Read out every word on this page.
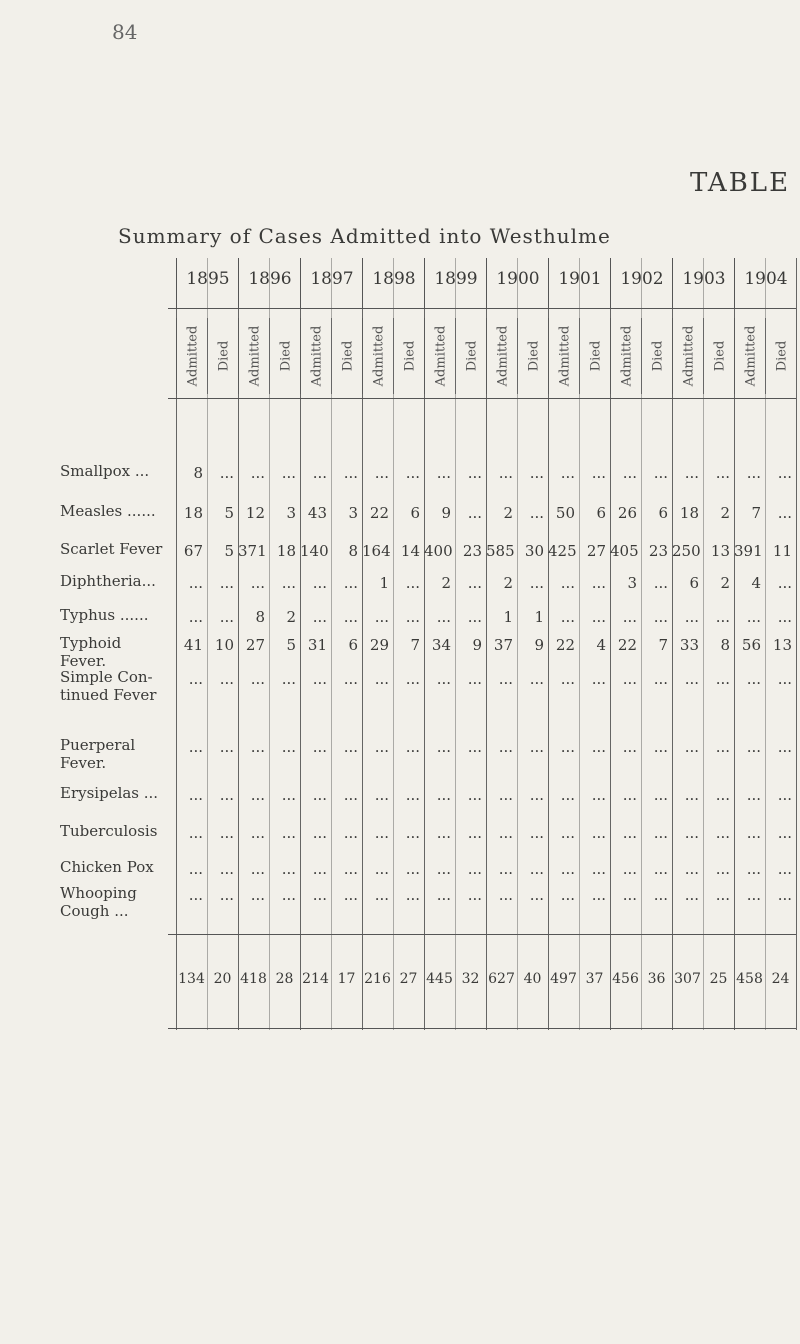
84
TABLE
Summary of Cases Admitted into Westhulme
1895
Admitted Died
1896
Admitted Died
1897
Admitted Died
1898
Admitted Died
1899
Admitted Died
1900
Admitted Died
1901
Admitted Died
1902
Admitted Died
1903
Admitted Died
1904
Admitted Died
Smallpox ...	8	...	...	...	...	...	...	...	...	...	...	...	...	...	...	...	...	...	...	...
Measles ......	18	5 12	3 43	3 22	6	9	...	2	... 50	6 26	6 18	2	7	...
Scarlet Fever	67	5 371 18 140	8 164 14 400 23 585 30 425 27 405 23 250 13 391 11
Diphtheria...	...	...	...	...	...	...	1	...	2	...	2	...	...	...	3	...	6	2	4	...
Typhus ......	...	...	8	2	...	...	...	...	...	...	1	1	...	...	...	...	...	...	...	...
Typhoid
Fever.
41 10 27	5 31	6 29	7 34	9 37	9 22	4 22	7 33	8 56 13
Simple Con-
tinued Fever
...	...	...	...	...	...	...	...	...	...	...	...	...	...	...	...	...	...	...	...
Puerperal
Fever.
...	...	...	...	...	...	...	...	...	...	...	...	...	...	...	...	...	...	...	...
Erysipelas ...	...	...	...	...	...	...	...	...	...	...	...	...	...	...	...	...	...	...	...	...
Tuberculosis	...	...	...	...	...	...	...	...	...	...	...	...	...	...	...	...	...	...	...	...
Chicken Pox	...	...	...	...	...	...	...	...	...	...	...	...	...	...	...	...	...	...	...	...
Whooping
Cough ...
...	...	...	...	...	...	...	...	...	...	...	...	...	...	...	...	...	...	...	...
134 20 418 28 214 17 216 27 445 32 627 40 497 37 456 36 307 25 458 24
